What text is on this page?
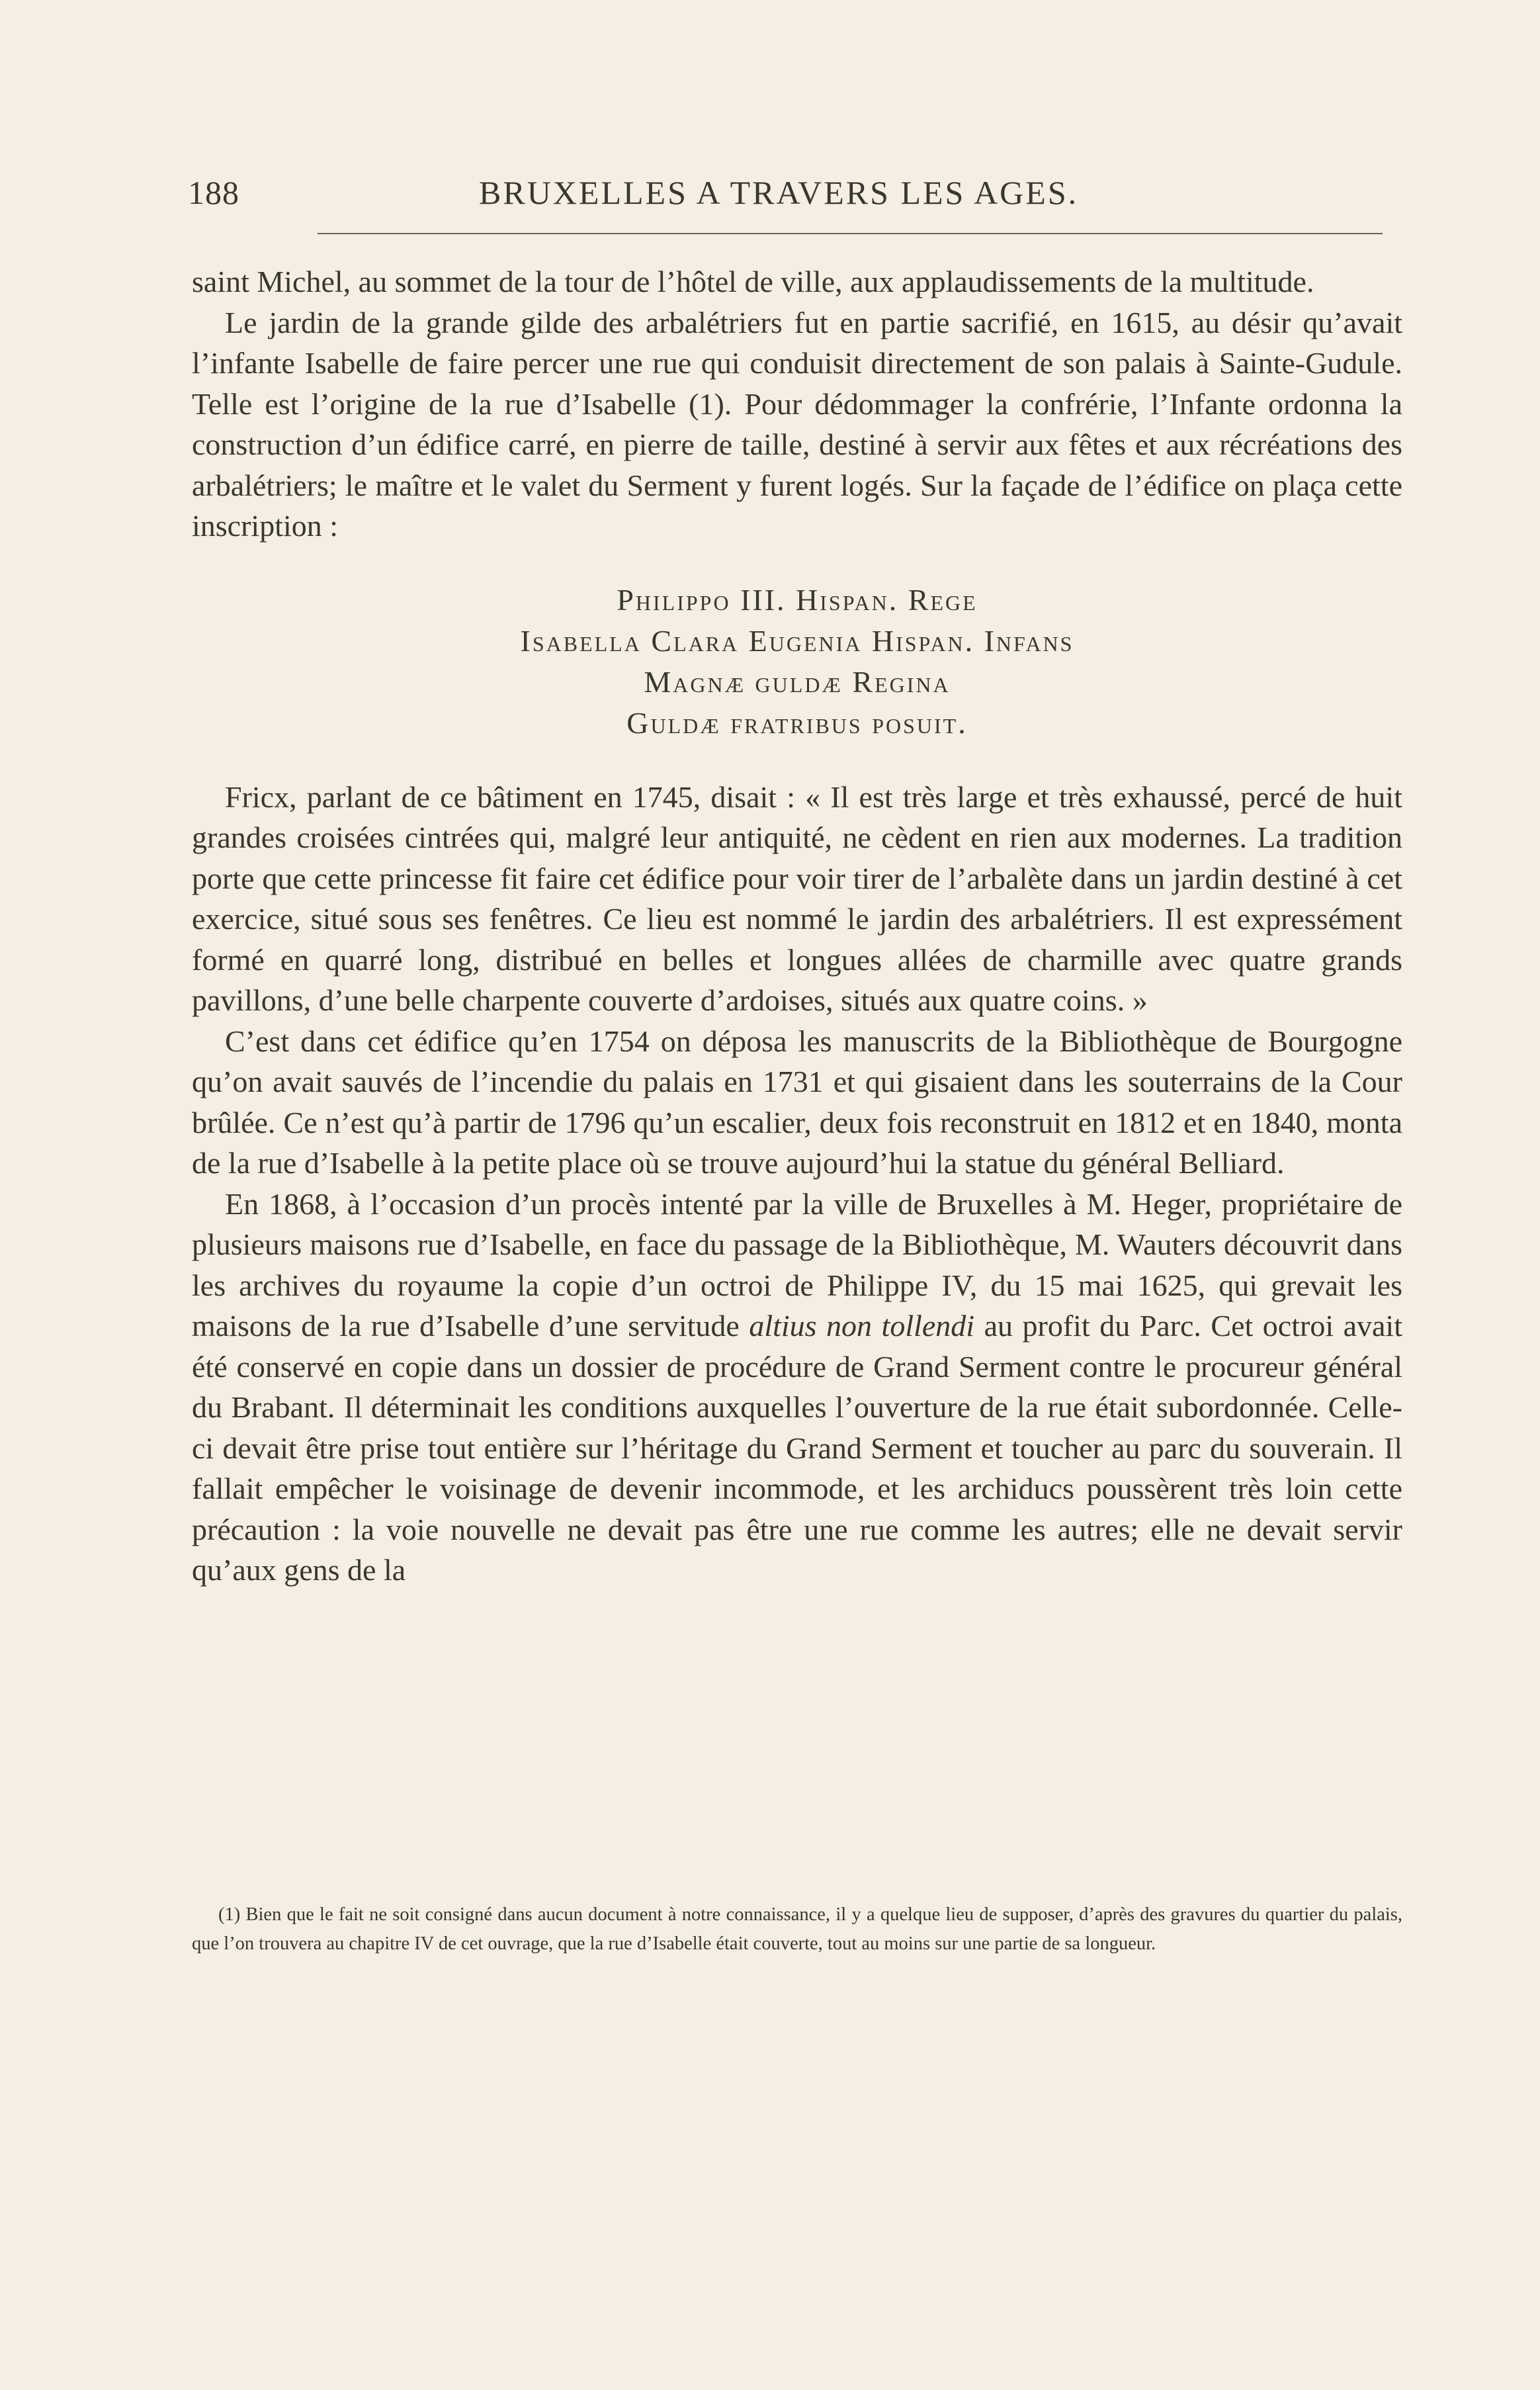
188	BRUXELLES A TRAVERS LES AGES.

saint Michel, au sommet de la tour de l’hôtel de ville, aux applaudissements de la multitude.

Le jardin de la grande gilde des arbalétriers fut en partie sacrifié, en 1615, au désir qu’avait l’infante Isabelle de faire percer une rue qui conduisit directement de son palais à Sainte-Gudule. Telle est l’origine de la rue d’Isabelle (1). Pour dédommager la confrérie, l’Infante ordonna la construction d’un édifice carré, en pierre de taille, destiné à servir aux fêtes et aux récréations des arbalétriers; le maître et le valet du Serment y furent logés. Sur la façade de l’édifice on plaça cette inscription :

Philippo III. Hispan. Rege
Isabella Clara Eugenia Hispan. Infans
Magnæ guldæ Regina
Guldæ fratribus posuit.

Fricx, parlant de ce bâtiment en 1745, disait : « Il est très large et très exhaussé, percé de huit grandes croisées cintrées qui, malgré leur antiquité, ne cèdent en rien aux modernes. La tradition porte que cette princesse fit faire cet édifice pour voir tirer de l’arbalète dans un jardin destiné à cet exercice, situé sous ses fenêtres. Ce lieu est nommé le jardin des arbalétriers. Il est expressément formé en quarré long, distribué en belles et longues allées de charmille avec quatre grands pavillons, d’une belle charpente couverte d’ardoises, situés aux quatre coins. »

C’est dans cet édifice qu’en 1754 on déposa les manuscrits de la Bibliothèque de Bourgogne qu’on avait sauvés de l’incendie du palais en 1731 et qui gisaient dans les souterrains de la Cour brûlée. Ce n’est qu’à partir de 1796 qu’un escalier, deux fois reconstruit en 1812 et en 1840, monta de la rue d’Isabelle à la petite place où se trouve aujourd’hui la statue du général Belliard.

En 1868, à l’occasion d’un procès intenté par la ville de Bruxelles à M. Heger, propriétaire de plusieurs maisons rue d’Isabelle, en face du passage de la Bibliothèque, M. Wauters découvrit dans les archives du royaume la copie d’un octroi de Philippe IV, du 15 mai 1625, qui grevait les maisons de la rue d’Isabelle d’une servitude altius non tollendi au profit du Parc. Cet octroi avait été conservé en copie dans un dossier de procédure de Grand Serment contre le procureur général du Brabant. Il déterminait les conditions auxquelles l’ouverture de la rue était subordonnée. Celle-ci devait être prise tout entière sur l’héritage du Grand Serment et toucher au parc du souverain. Il fallait empêcher le voisinage de devenir incommode, et les archiducs poussèrent très loin cette précaution : la voie nouvelle ne devait pas être une rue comme les autres; elle ne devait servir qu’aux gens de la

(1) Bien que le fait ne soit consigné dans aucun document à notre connaissance, il y a quelque lieu de supposer, d’après des gravures du quartier du palais, que l’on trouvera au chapitre IV de cet ouvrage, que la rue d’Isabelle était couverte, tout au moins sur une partie de sa longueur.
